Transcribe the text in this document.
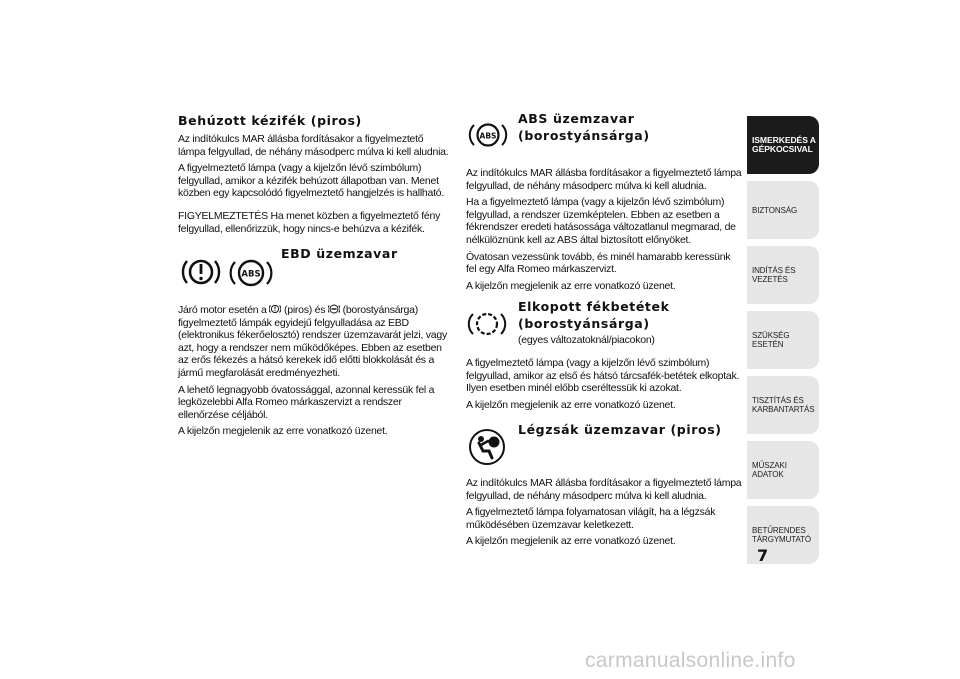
Behúzott kézifék (piros)

Az indítókulcs MAR állásba fordításakor a figyelmeztető lámpa felgyullad, de néhány másodperc múlva ki kell aludnia.

A figyelmeztető lámpa (vagy a kijelzőn lévő szimbólum) felgyullad, amikor a kézifék behúzott állapotban van. Menet közben egy kapcsolódó figyelmeztető hangjelzés is hallható.

FIGYELMEZTETÉS Ha menet közben a figyelmeztető fény felgyullad, ellenőrizzük, hogy nincs-e behúzva a kézifék.

EBD üzemzavar

ABS

Járó motor esetén a (piros) és (borostyánsárga) figyelmeztető lámpák egyidejű felgyulladása az EBD (elektronikus fékerőelosztó) rendszer üzemzavarát jelzi, vagy azt, hogy a rendszer nem működőképes. Ebben az esetben az erős fékezés a hátsó kerekek idő előtti blokkolását és a jármű megfarolását eredményezheti.

A lehető legnagyobb óvatossággal, azonnal keressük fel a legközelebbi Alfa Romeo márkaszervizt a rendszer ellenőrzése céljából.

A kijelzőn megjelenik az erre vonatkozó üzenet.

ABS

ABS üzemzavar

(borostyánsárga)

Az indítókulcs MAR állásba fordításakor a figyelmeztető lámpa felgyullad, de néhány másodperc múlva ki kell aludnia.

Ha a figyelmeztető lámpa (vagy a kijelzőn lévő szimbólum) felgyullad, a rendszer üzemképtelen. Ebben az esetben a fékrendszer eredeti hatásossága változatlanul megmarad, de nélkülöznünk kell az ABS által biztosított előnyöket.

Óvatosan vezessünk tovább, és minél hamarabb keressünk fel egy Alfa Romeo márkaszervizt.

A kijelzőn megjelenik az erre vonatkozó üzenet.

Elkopott fékbetétek

(borostyánsárga)

(egyes változatoknál/piacokon)

A figyelmeztető lámpa (vagy a kijelzőn lévő szimbólum) felgyullad, amikor az első és hátsó tárcsafék-betétek elkoptak. Ilyen esetben minél előbb cseréltessük ki azokat.

A kijelzőn megjelenik az erre vonatkozó üzenet.

Légzsák üzemzavar (piros)

Az indítókulcs MAR állásba fordításakor a figyelmeztető lámpa felgyullad, de néhány másodperc múlva ki kell aludnia.

A figyelmeztető lámpa folyamatosan világít, ha a légzsák működésében üzemzavar keletkezett.

A kijelzőn megjelenik az erre vonatkozó üzenet.

ISMERKEDÉS A GÉPKOCSIVAL
BIZTONSÁG
INDÍTÁS ÉS VEZETÉS
SZÜKSÉG ESETÉN
TISZTÍTÁS ÉS KARBANTARTÁS
MŰSZAKI ADATOK
BETŰRENDES TÁRGYMUTATÓ
7
carmanualsonline.info
